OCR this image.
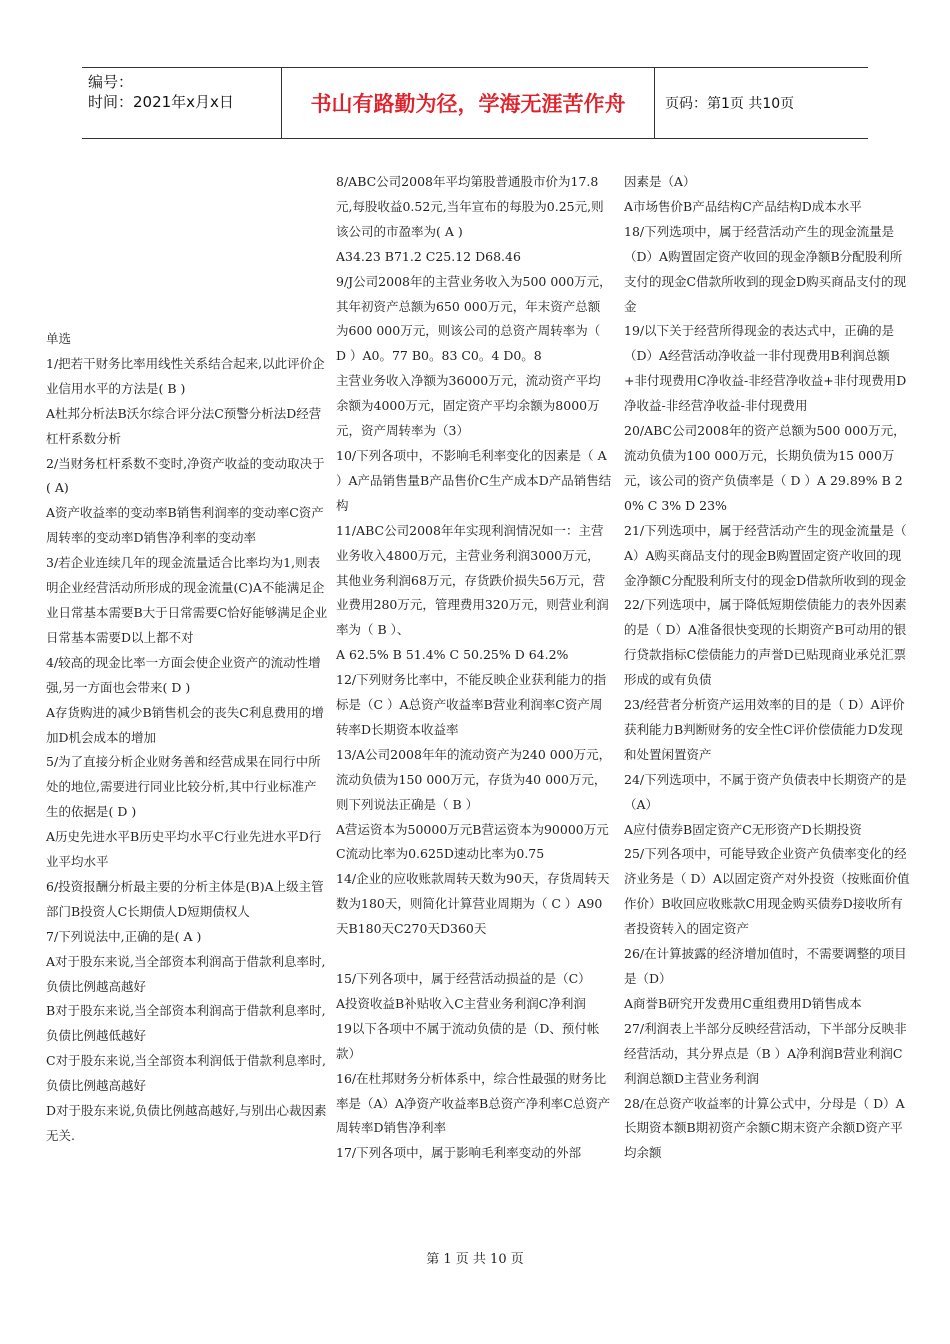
编号：
时间：2021年x月x日	书山有路勤为径，学海无涯苦作舟	页码：第1页 共10页

单选

1/把若干财务比率用线性关系结合起来,以此评价企业信用水平的方法是( B )

A杜邦分析法B沃尔综合评分法C预警分析法D经营杠杆系数分析

2/当财务杠杆系数不变时,净资产收益的变动取决于( A)

A资产收益率的变动率B销售利润率的变动率C资产周转率的变动率D销售净利率的变动率

3/若企业连续几年的现金流量适合比率均为1,则表明企业经营活动所形成的现金流量(C)A不能满足企业日常基本需要B大于日常需要C恰好能够满足企业日常基本需要D以上都不对

4/较高的现金比率一方面会使企业资产的流动性增强,另一方面也会带来( D )

A存货购进的减少B销售机会的丧失C利息费用的增加D机会成本的增加

5/为了直接分析企业财务善和经营成果在同行中所处的地位,需要进行同业比较分析,其中行业标准产生的依据是( D )

A历史先进水平B历史平均水平C行业先进水平D行业平均水平

6/投资报酬分析最主要的分析主体是(B)A上级主管部门B投资人C长期债人D短期债权人

7/下列说法中,正确的是( A )

A对于股东来说,当全部资本利润高于借款利息率时,负债比例越高越好

B对于股东来说,当全部资本利润高于借款利息率时,负债比例越低越好

C对于股东来说,当全部资本利润低于借款利息率时,负债比例越高越好

D对于股东来说,负债比例越高越好,与别出心裁因素无关.

8/ABC公司2008年平均第股普通股市价为17.8元,每股收益0.52元,当年宣布的每股为0.25元,则该公司的市盈率为( A )

A34.23 B71.2 C25.12 D68.46

9/J公司2008年的主营业务收入为500 000万元，其年初资产总额为650 000万元，年末资产总额为600 000万元，则该公司的总资产周转率为（ D ）A0。77 B0。83 C0。4 D0。8

主营业务收入净额为36000万元，流动资产平均余额为4000万元，固定资产平均余额为8000万元，资产周转率为（3）

10/下列各项中，不影响毛利率变化的因素是（ A ）A产品销售量B产品售价C生产成本D产品销售结构

11/ABC公司2008年年实现利润情况如一：主营业务收入4800万元，主营业务利润3000万元，其他业务利润68万元，存货跌价损失56万元，营业费用280万元，管理费用320万元，则营业利润率为（ B ）、

A 62.5% B 51.4% C 50.25% D 64.2%

12/下列财务比率中，不能反映企业获利能力的指标是（C ）A总资产收益率B营业利润率C资产周转率D长期资本收益率

13/A公司2008年年的流动资产为240 000万元，流动负债为150 000万元，存货为40 000万元，则下列说法正确是（ B ）

A营运资本为50000万元B营运资本为90000万元C流动比率为0.625D速动比率为0.75

14/企业的应收账款周转天数为90天，存货周转天数为180天，则简化计算营业周期为（ C ）A90天B180天C270天D360天

15/下列各项中，属于经营活动损益的是（C）

A投资收益B补贴收入C主营业务利润C净利润

19以下各项中不属于流动负债的是（D、预付帐款）

16/在杜邦财务分析体系中，综合性最强的财务比率是（A）A净资产收益率B总资产净利率C总资产周转率D销售净利率

17/下列各项中，属于影响毛利率变动的外部

因素是（A）

A市场售价B产品结构C产品结构D成本水平

18/下列选项中，属于经营活动产生的现金流量是（D）A购置固定资产收回的现金净额B分配股利所支付的现金C借款所收到的现金D购买商品支付的现金

19/以下关于经营所得现金的表达式中，正确的是（D）A经营活动净收益一非付现费用B利润总额+非付现费用C净收益-非经营净收益+非付现费用D净收益-非经营净收益-非付现费用

20/ABC公司2008年的资产总额为500 000万元，流动负债为100 000万元，长期负债为15 000万元，该公司的资产负债率是（ D ）A 29.89% B 20% C 3% D 23%

21/下列选项中，属于经营活动产生的现金流量是（ A）A购买商品支付的现金B购置固定资产收回的现金净额C分配股利所支付的现金D借款所收到的现金

22/下列选项中，属于降低短期偿债能力的表外因素的是（ D）A准备很快变现的长期资产B可动用的银行贷款指标C偿债能力的声誉D已贴现商业承兑汇票形成的或有负债

23/经营者分析资产运用效率的目的是（ D）A评价获利能力B判断财务的安全性C评价偿债能力D发现和处置闲置资产

24/下列选项中，不属于资产负债表中长期资产的是（A）

A应付债券B固定资产C无形资产D长期投资

25/下列各项中，可能导致企业资产负债率变化的经济业务是（ D）A以固定资产对外投资（按账面价值作价）B收回应收账款C用现金购买债券D接收所有者投资转入的固定资产

26/在计算披露的经济增加值时，不需要调整的项目是（D）

A商誉B研究开发费用C重组费用D销售成本

27/利润表上半部分反映经营活动，下半部分反映非经营活动，其分界点是（B ）A净利润B营业利润C利润总额D主营业务利润

28/在总资产收益率的计算公式中，分母是（ D）A长期资本额B期初资产余额C期末资产余额D资产平均余额

第 1 页 共 10 页
